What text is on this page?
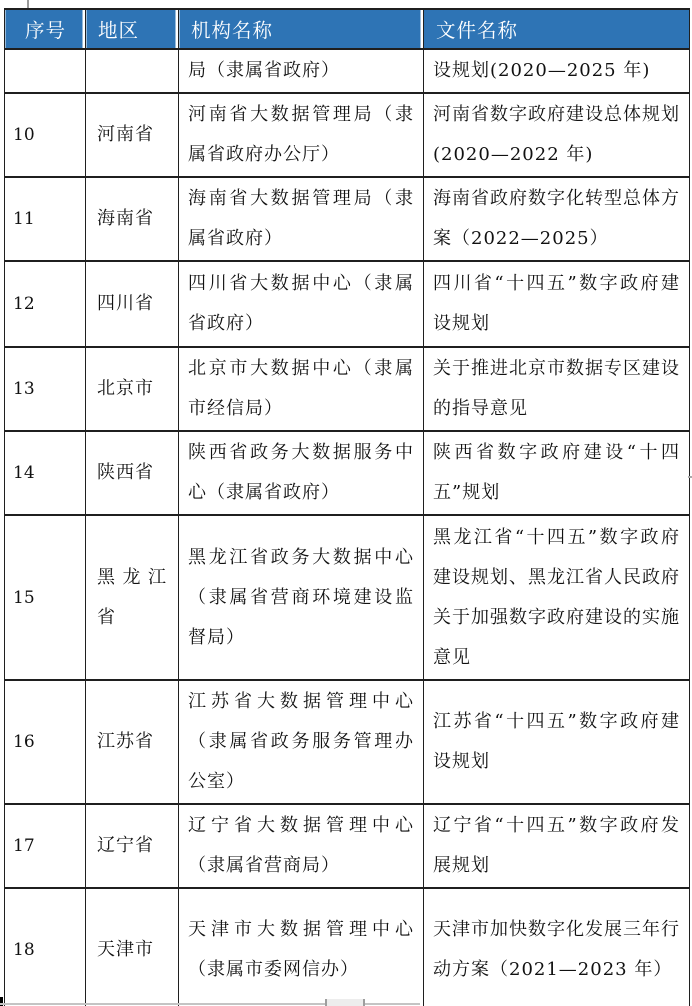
序号	地区	机构名称	文件名称
		局（隶属省政府）	设规划(2020—2025 年)
10	河南省	河南省大数据管理局（隶属省政府办公厅）	河南省数字政府建设总体规划(2020—2022 年)
11	海南省	海南省大数据管理局（隶属省政府）	海南省政府数字化转型总体方案（2022—2025）
12	四川省	四川省大数据中心（隶属省政府）	四川省“十四五”数字政府建设规划
13	北京市	北京市大数据中心（隶属市经信局）	关于推进北京市数据专区建设的指导意见
14	陕西省	陕西省政务大数据服务中心（隶属省政府）	陕西省数字政府建设“十四五”规划
15	黑龙江省	黑龙江省政务大数据中心（隶属省营商环境建设监督局）	黑龙江省“十四五”数字政府建设规划、黑龙江省人民政府关于加强数字政府建设的实施意见
16	江苏省	江苏省大数据管理中心（隶属省政务服务管理办公室）	江苏省“十四五”数字政府建设规划
17	辽宁省	辽宁省大数据管理中心（隶属省营商局）	辽宁省“十四五”数字政府发展规划
18	天津市	天津市大数据管理中心（隶属市委网信办）	天津市加快数字化发展三年行动方案（2021—2023 年）
